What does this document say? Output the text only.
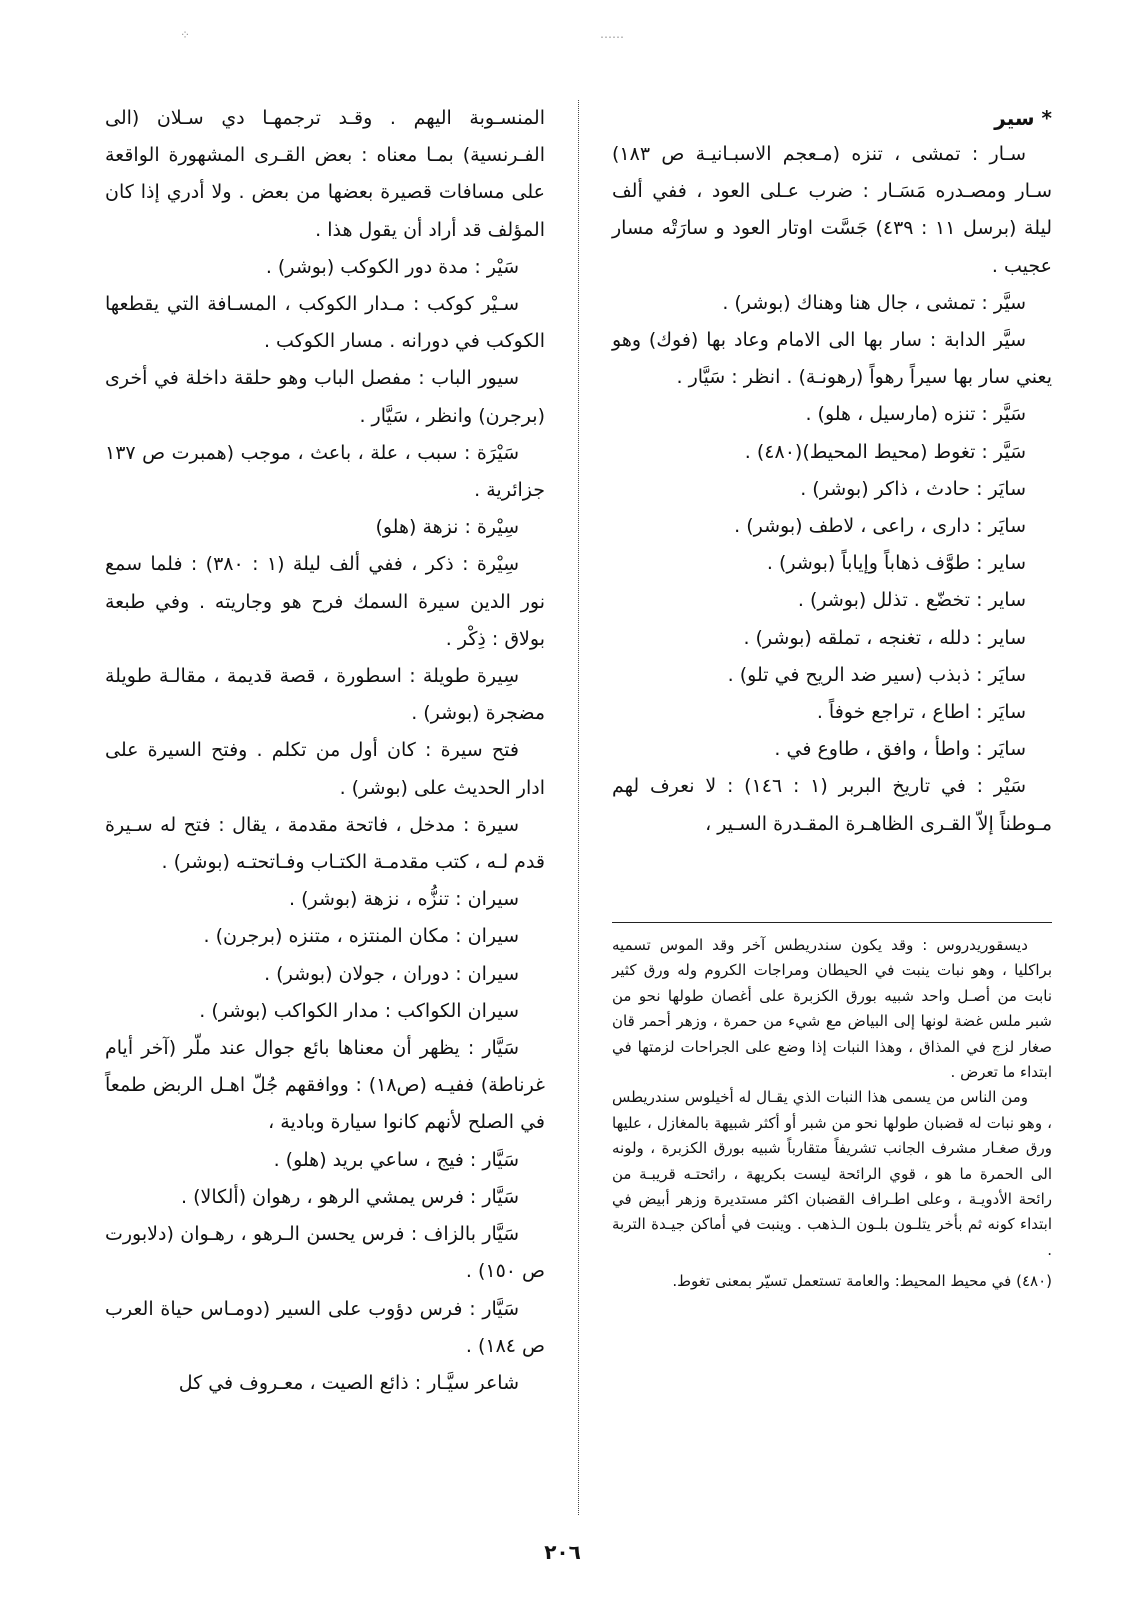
⁘	⋯⋯

* سير

سـار : تمشى ، تنزه (مـعجم الاسبـانيـة ص ١٨٣) سـار ومصـدره مَسَـار : ضرب عـلى العود ، ففي ألف ليلة (برسل ١١ : ٤٣٩) جَسَّت اوتار العود و سارَتْه مسار عجيب .

سيَّر : تمشى ، جال هنا وهناك (بوشر) .

سيَّر الدابة : سار بها الى الامام وعاد بها (فوك) وهو يعني سار بها سيراً رهواً (رهونـة) . انظر : سَيَّار .

سَيَّر : تنزه (مارسيل ، هلو) .

سَيَّر : تغوط (محيط المحيط)(٤٨٠) .

سايَر : حادث ، ذاكر (بوشر) .

سايَر : دارى ، راعى ، لاطف (بوشر) .

ساير : طوَّف ذهاباً وإياباً (بوشر) .

ساير : تخضّع . تذلل (بوشر) .

ساير : دلله ، تغنجه ، تملقه (بوشر) .

سايَر : ذبذب (سير ضد الريح في تلو) .

سايَر : اطاع ، تراجع خوفاً .

سايَر : واطأ ، وافق ، طاوع في .

سَيْر : في تاريخ البربر (١ : ١٤٦) : لا نعرف لهم مـوطناً إلاّ القـرى الظاهـرة المقـدرة السـير ،

ديسقوريدروس : وقد يكون سندريطس آخر وقد الموس تسميه براكليا ، وهو نبات ينبت في الحيطان ومراجات الكروم وله ورق كثير نابت من أصـل واحد شبيه بورق الكزبرة على أغصان طولها نحو من شبر ملس غضة لونها إلى البياض مع شيء من حمرة ، وزهر أحمر قان صغار لزج في المذاق ، وهذا النبات إذا وضع على الجراحات لزمتها في ابتداء ما تعرض .

ومن الناس من يسمى هذا النبات الذي يقـال له أخيلوس سندريطس ، وهو نبات له قضبان طولها نحو من شبر أو أكثر شبيهة بالمغازل ، عليها ورق صغـار مشرف الجانب تشريفاً متقارباً شبيه بورق الكزبرة ، ولونه الى الحمرة ما هو ، قوي الرائحة ليست بكريهة ، رائحتـه قريبـة من رائحة الأدويـة ، وعلى اطـراف القضبان اكثر مستديرة وزهر أبيض في ابتداء كونه ثم بأخر يتلـون بلـون الـذهب . وينبت في أماكن جيـدة التربة .

(٤٨٠) في محيط المحيط: والعامة تستعمل تسيّر بمعنى تغوط.

المنسـوبة اليهم . وقـد ترجمهـا دي سـلان (الى الفـرنسية) بمـا معناه : بعض القـرى المشهورة الواقعة على مسافات قصيرة بعضها من بعض . ولا أدري إذا كان المؤلف قد أراد أن يقول هذا .

سَيْر : مدة دور الكوكب (بوشر) .

سـيْر كوكب : مـدار الكوكب ، المسـافة التي يقطعها الكوكب في دورانه . مسار الكوكب .

سيور الباب : مفصل الباب وهو حلقة داخلة في أخرى (برجرن) وانظر ، سَيَّار .

سَيْرَة : سبب ، علة ، باعث ، موجب (همبرت ص ١٣٧ جزائرية .

سِيْرة : نزهة (هلو)

سِيْرة : ذكر ، ففي ألف ليلة (١ : ٣٨٠) : فلما سمع نور الدين سيرة السمك فرح هو وجاريته . وفي طبعة بولاق : ذِكْر .

سِيرة طويلة : اسطورة ، قصة قديمة ، مقالـة طويلة مضجرة (بوشر) .

فتح سيرة : كان أول من تكلم . وفتح السيرة على ادار الحديث على (بوشر) .

سيرة : مدخل ، فاتحة مقدمة ، يقال : فتح له سـيرة قدم لـه ، كتب مقدمـة الكتـاب وفـاتحتـه (بوشر) .

سيران : تنزُّه ، نزهة (بوشر) .

سيران : مكان المنتزه ، متنزه (برجرن) .

سيران : دوران ، جولان (بوشر) .

سيران الكواكب : مدار الكواكب (بوشر) .

سَيَّار : يظهر أن معناها بائع جوال عند ملّر (آخر أيام غرناطة) ففيـه (ص١٨) : ووافقهم جُلّ اهـل الربض طمعاً في الصلح لأنهم كانوا سيارة وبادية ،

سَيَّار : فيج ، ساعي بريد (هلو) .

سَيَّار : فرس يمشي الرهو ، رهوان (ألكالا) .

سَيَّار بالزاف : فرس يحسن الـرهو ، رهـوان (دلابورت ص ١٥٠) .

سَيَّار : فرس دؤوب على السير (دومـاس حياة العرب ص ١٨٤) .

شاعر سيَّـار : ذائع الصيت ، معـروف في كل

٢٠٦
